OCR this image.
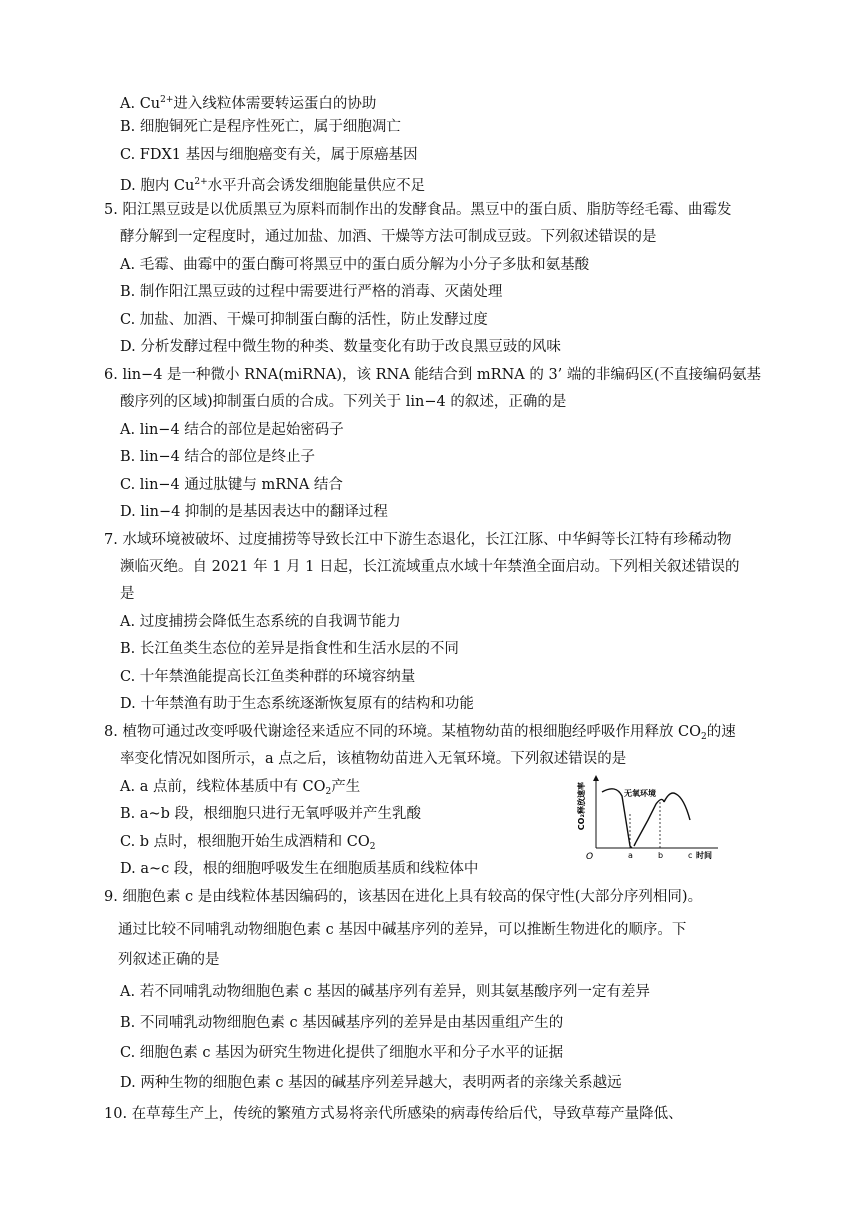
A. $Cu^{2+}$进入线粒体需要转运蛋白的协助
B. 细胞铜死亡是程序性死亡，属于细胞凋亡
C. FDX1 基因与细胞癌变有关，属于原癌基因
D. 胞内 $Cu^{2+}$水平升高会诱发细胞能量供应不足
5. 阳江黑豆豉是以优质黑豆为原料而制作出的发酵食品。黑豆中的蛋白质、脂肪等经毛霉、曲霉发
酵分解到一定程度时，通过加盐、加酒、干燥等方法可制成豆豉。下列叙述错误的是
A. 毛霉、曲霉中的蛋白酶可将黑豆中的蛋白质分解为小分子多肽和氨基酸
B. 制作阳江黑豆豉的过程中需要进行严格的消毒、灭菌处理
C. 加盐、加酒、干燥可抑制蛋白酶的活性，防止发酵过度
D. 分析发酵过程中微生物的种类、数量变化有助于改良黑豆豉的风味
6. lin−4 是一种微小 RNA(miRNA)，该 RNA 能结合到 mRNA 的 3’ 端的非编码区(不直接编码氨基
酸序列的区域)抑制蛋白质的合成。下列关于 lin−4 的叙述，正确的是
A. lin−4 结合的部位是起始密码子
B. lin−4 结合的部位是终止子
C. lin−4 通过肽键与 mRNA 结合
D. lin−4 抑制的是基因表达中的翻译过程
7. 水域环境被破坏、过度捕捞等导致长江中下游生态退化，长江江豚、中华鲟等长江特有珍稀动物
濒临灭绝。自 2021 年 1 月 1 日起，长江流域重点水域十年禁渔全面启动。下列相关叙述错误的
是
A. 过度捕捞会降低生态系统的自我调节能力
B. 长江鱼类生态位的差异是指食性和生活水层的不同
C. 十年禁渔能提高长江鱼类种群的环境容纳量
D. 十年禁渔有助于生态系统逐渐恢复原有的结构和功能
8. 植物可通过改变呼吸代谢途径来适应不同的环境。某植物幼苗的根细胞经呼吸作用释放 $CO_2$的速
率变化情况如图所示，a 点之后，该植物幼苗进入无氧环境。下列叙述错误的是
A. a 点前，线粒体基质中有 $CO_2$产生
B. a~b 段，根细胞只进行无氧呼吸并产生乳酸
C. b 点时，根细胞开始生成酒精和 $CO_2$
D. a~c 段，根的细胞呼吸发生在细胞质基质和线粒体中
CO₂释放速率
O
无氧环境
a	b	c 时间
9. 细胞色素 c 是由线粒体基因编码的，该基因在进化上具有较高的保守性(大部分序列相同)。
通过比较不同哺乳动物细胞色素 c 基因中碱基序列的差异，可以推断生物进化的顺序。下
列叙述正确的是
A. 若不同哺乳动物细胞色素 c 基因的碱基序列有差异，则其氨基酸序列一定有差异
B. 不同哺乳动物细胞色素 c 基因碱基序列的差异是由基因重组产生的
C. 细胞色素 c 基因为研究生物进化提供了细胞水平和分子水平的证据
D. 两种生物的细胞色素 c 基因的碱基序列差异越大，表明两者的亲缘关系越远
10. 在草莓生产上，传统的繁殖方式易将亲代所感染的病毒传给后代，导致草莓产量降低、
